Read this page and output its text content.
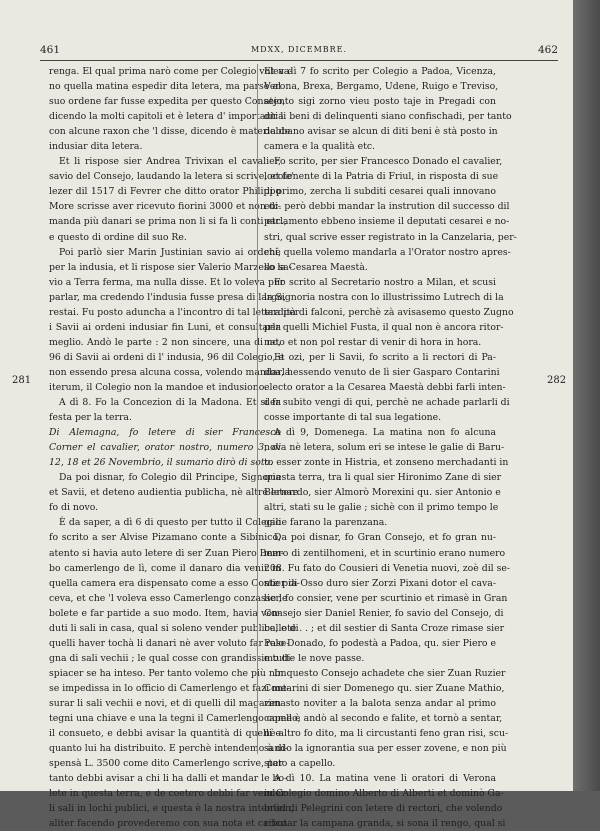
461	MDXX, DICEMBRE.	462
renga. El qual prima narò come per Colegio voleva-
no quella matina espedir dita letera, ma parse al
suo ordene far fusse expedita per questo Consejo,
dicendo la molti capitoli et è letera d' importantia
con alcune raxon che 'l disse, dicendo è materia de
indusiar dita letera.
Et li rispose sier Andrea Trivixan el cavalier,
savio del Consejo, laudando la letera si scrive, et fe'
lezer dil 1517 di Fevrer che ditto orator Philippo
More scrisse aver ricevuto fiorini 3000 et non di-
manda più danari se prima non li si fa li conti etc.,
e questo di ordine dil suo Re.
Poi parlò sier Marin Justinian savio ai ordeni,
per la indusia, et li rispose sier Valerio Marzello sa-
vio a Terra ferma, ma nulla disse. Et lo voleva pur
parlar, ma credendo l'indusia fusse presa di largo,
restai. Fu posto aduncha a l'incontro di tal letera per
i Savii ai ordeni indusiar fin Luni, et consultarla
meglio. Andò le parte : 2 non sincere, una di no,
96 di Savii ai ordeni di l' indusia, 96 dil Colegio, e
non essendo presa alcuna cossa, volendo mandarla
iterum, il Colegio non la mandoe et indusiono.
A dì 8. Fo la Concezion di la Madona. Et si fa
festa per la terra.
Di Alemagna, fo letere di sier Francesco
Corner el cavalier, orator nostro, numero 3, di
12, 18 et 26 Novembrio, il sumario dirò di soto.
Da poi disnar, fo Colegio dil Principe, Signoria
et Savii, et deteno audientia publicha, nè altre letere
fo di novo.
È da saper, a dì 6 di questo per tutto il Colegio
fo scrito a ser Alvise Pizamano conte a Sibinico,
atento si havia auto letere di ser Zuan Piero Bem-
bo camerlengo de lì, come il danaro dia venir in
quella camera era dispensato come a esso Conte pia-
ceva, et che 'l voleva esso Camerlengo conzasse le
bolete e far partide a suo modo. Item, havia ven-
duti li sali in casa, qual si soleno vender publice, e di
quelli haver tochà li danari nè aver voluto far rase-
gna di sali vechii ; le qual cosse con grandissimo di-
spiacer se ha inteso. Per tanto volemo che più non
se impedissa in lo officio di Camerlengo et fazi me-
surar li sali vechii e novi, et di quelli dil magazen
tegni una chiave e una la tegni il Camerlengo come è
il consueto, e debbi avisar la quantità di quelli e
quanto lui ha distribuito. E perchè intendemo à di-
spensà L. 3500 come dito Camerlengo scrive, per
tanto debbi avisar a chi li ha dalli et mandar le bo-
lete in questa terra, e de coetero debbi far vender
li sali in lochi publici, e questa è la nostra intention,
aliter facendo provederemo con sua nota et carico.
Et a dì 7 fo scrito per Colegio a Padoa, Vicenza,
Verona, Brexa, Bergamo, Udene, Ruigo e Treviso,
atento sigi zorno vieu posto taje in Pregadi con
dir li beni di delinquenti siano confischadi, per tanto
debbano avisar se alcun di diti beni è stà posto in
camera e la qualità etc.
Fo scrito, per sier Francesco Donado el cavalier,
locotenente di la Patria di Friul, in risposta di sue
di primo, zercha li subditi cesarei quali innovano
etc. però debbi mandar la instrution dil successo dil
parlamento ebbeno insieme il deputati cesarei e no-
stri, qual scrive esser registrato in la Canzelaria, per-
chè quella volemo mandarla a l'Orator nostro apres-
so la Cesarea Maestà.
Fo scrito al Secretario nostro a Milan, et scusi
la Signoria nostra con lo illustrissimo Lutrech di la
tardità di falconi, perchè zà avisasemo questo Zugno
per quelli Michiel Fusta, il qual non è ancora ritor-
nato et non pol restar di venir di hora in hora.
Et ozi, per li Savii, fo scrito a li rectori di Pa-
doa, hessendo venuto de lì sier Gasparo Contarini
electo orator a la Cesarea Maestà debbi farli inten-
der subito vengi di qui, perchè ne achade parlarli di
cosse importante di tal sua legatione.
A dì 9, Domenega. La matina non fo alcuna
nova nè letera, solum eri se intese le galie di Baru-
to esser zonte in Histria, et zonseno merchadanti in
questa terra, tra li qual sier Hironimo Zane di sier
Bernardo, sier Almorò Morexini qu. sier Antonio e
altri, stati su le galie ; sichè con il primo tempo le
galie farano la parenzana.
Da poi disnar, fo Gran Consejo, et fo gran nu-
mero di zentilhomeni, et in scurtinio erano numero
208. Fu fato do Cousieri di Venetia nuovi, zoè dil se-
stier di Osso duro sier Zorzi Pixani dotor el cava-
lier, fo consier, vene per scurtinio et rimasè in Gran
Consejo sier Daniel Renier, fo savio del Consejo, di
ballote . . ; et dil sestier di Santa Croze rimase sier
Polo Donado, fo podestà a Padoa, qu. sier Piero e
e tutte le nove passe.
In questo Consejo achadete che sier Zuan Ruzier
Contarini di sier Domenego qu. sier Zuane Mathio,
rimasto noviter a la balota senza andar al primo
capello, andò al secondo e falite, et tornò a sentar,
nè altro fo dito, ma li circustanti feno gran risi, scu-
sando la ignorantia sua per esser zovene, e non più
stato a capello.
A dì 10. La matina vene li oratori di Verona
in Colegio domino Alberto di Alberti et dominò Ga-
briel di Pelegrini con letere di rectori, che volendo
ributar la campana granda, si sona il rengo, qual si
281	282
